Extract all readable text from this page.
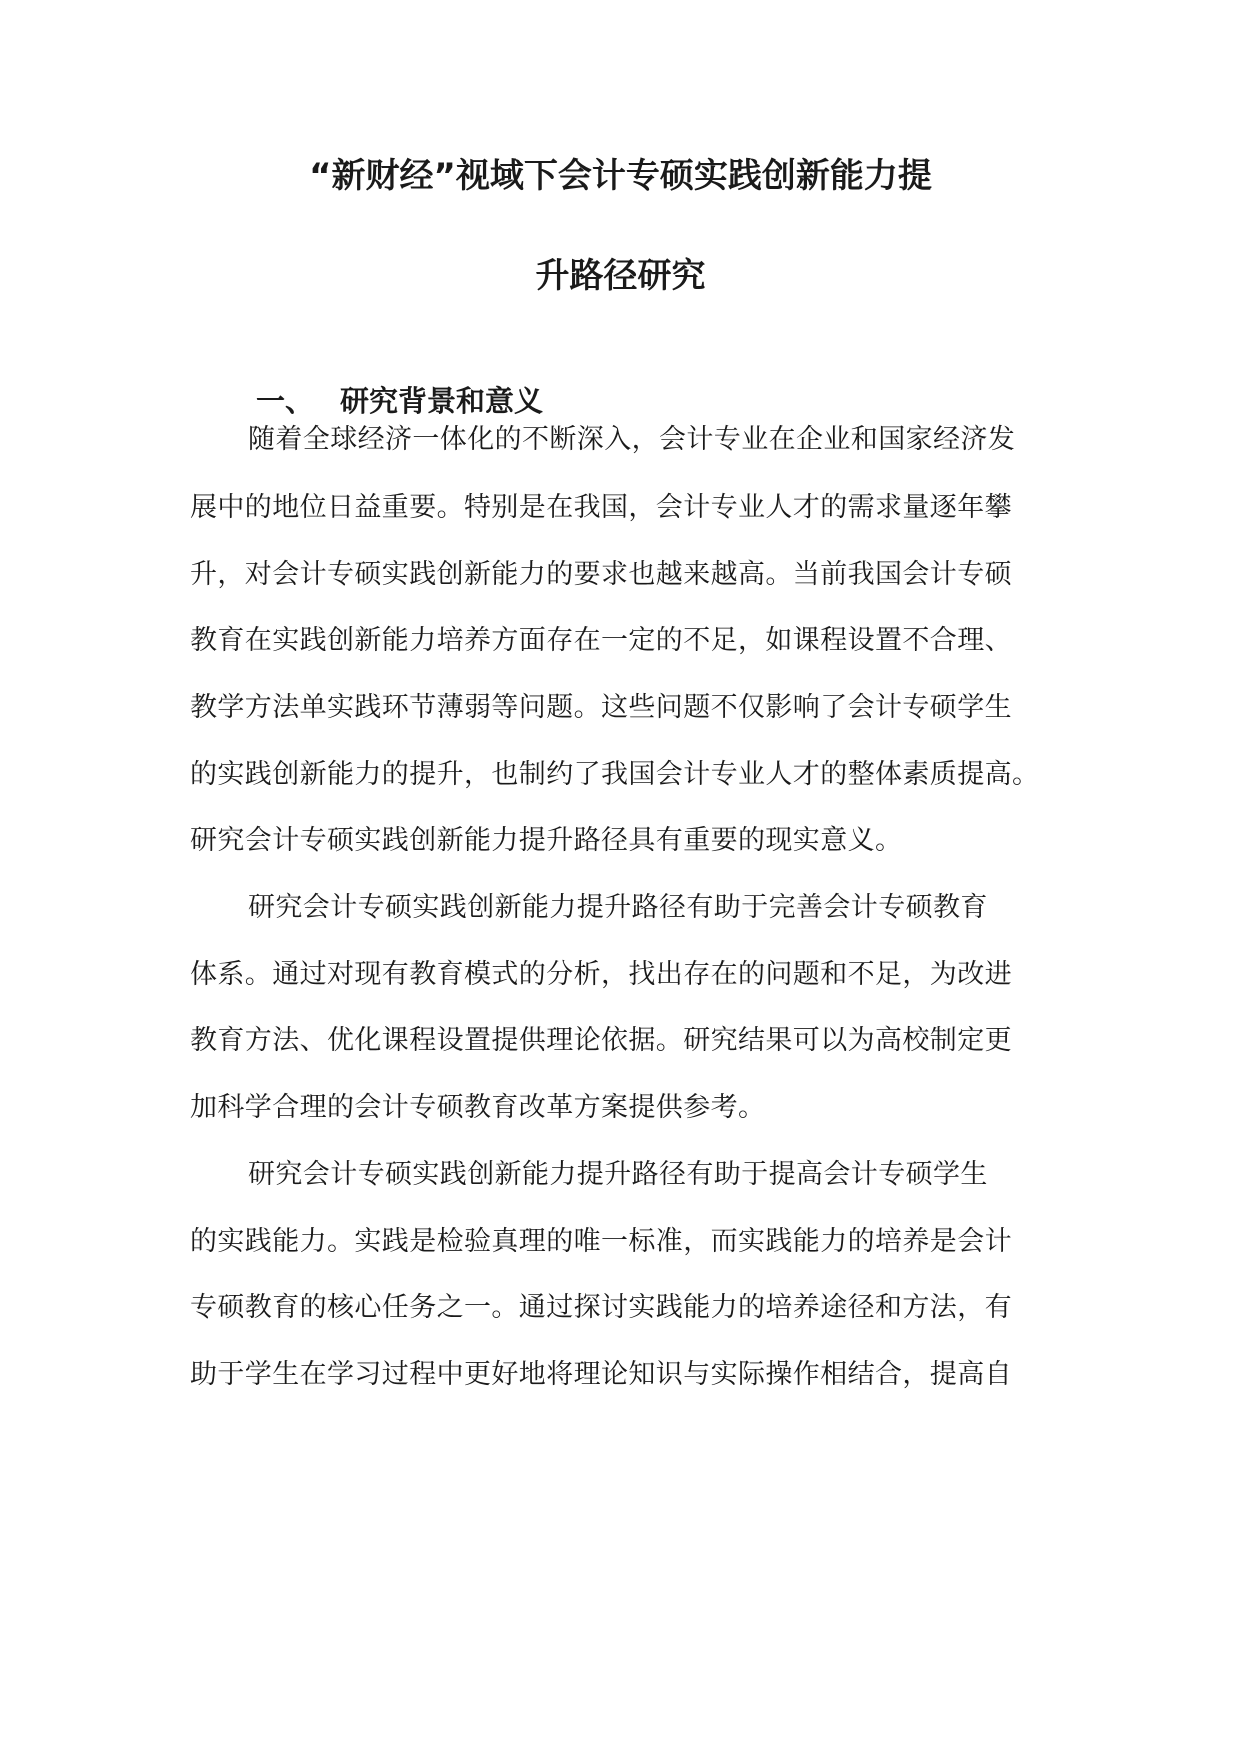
“新财经”视域下会计专硕实践创新能力提
升路径研究
一、 研究背景和意义
随着全球经济一体化的不断深入，会计专业在企业和国家经济发
展中的地位日益重要。特别是在我国，会计专业人才的需求量逐年攀
升，对会计专硕实践创新能力的要求也越来越高。当前我国会计专硕
教育在实践创新能力培养方面存在一定的不足，如课程设置不合理、
教学方法单实践环节薄弱等问题。这些问题不仅影响了会计专硕学生
的实践创新能力的提升，也制约了我国会计专业人才的整体素质提高。
研究会计专硕实践创新能力提升路径具有重要的现实意义。
研究会计专硕实践创新能力提升路径有助于完善会计专硕教育
体系。通过对现有教育模式的分析，找出存在的问题和不足，为改进
教育方法、优化课程设置提供理论依据。研究结果可以为高校制定更
加科学合理的会计专硕教育改革方案提供参考。
研究会计专硕实践创新能力提升路径有助于提高会计专硕学生
的实践能力。实践是检验真理的唯一标准，而实践能力的培养是会计
专硕教育的核心任务之一。通过探讨实践能力的培养途径和方法，有
助于学生在学习过程中更好地将理论知识与实际操作相结合，提高自
